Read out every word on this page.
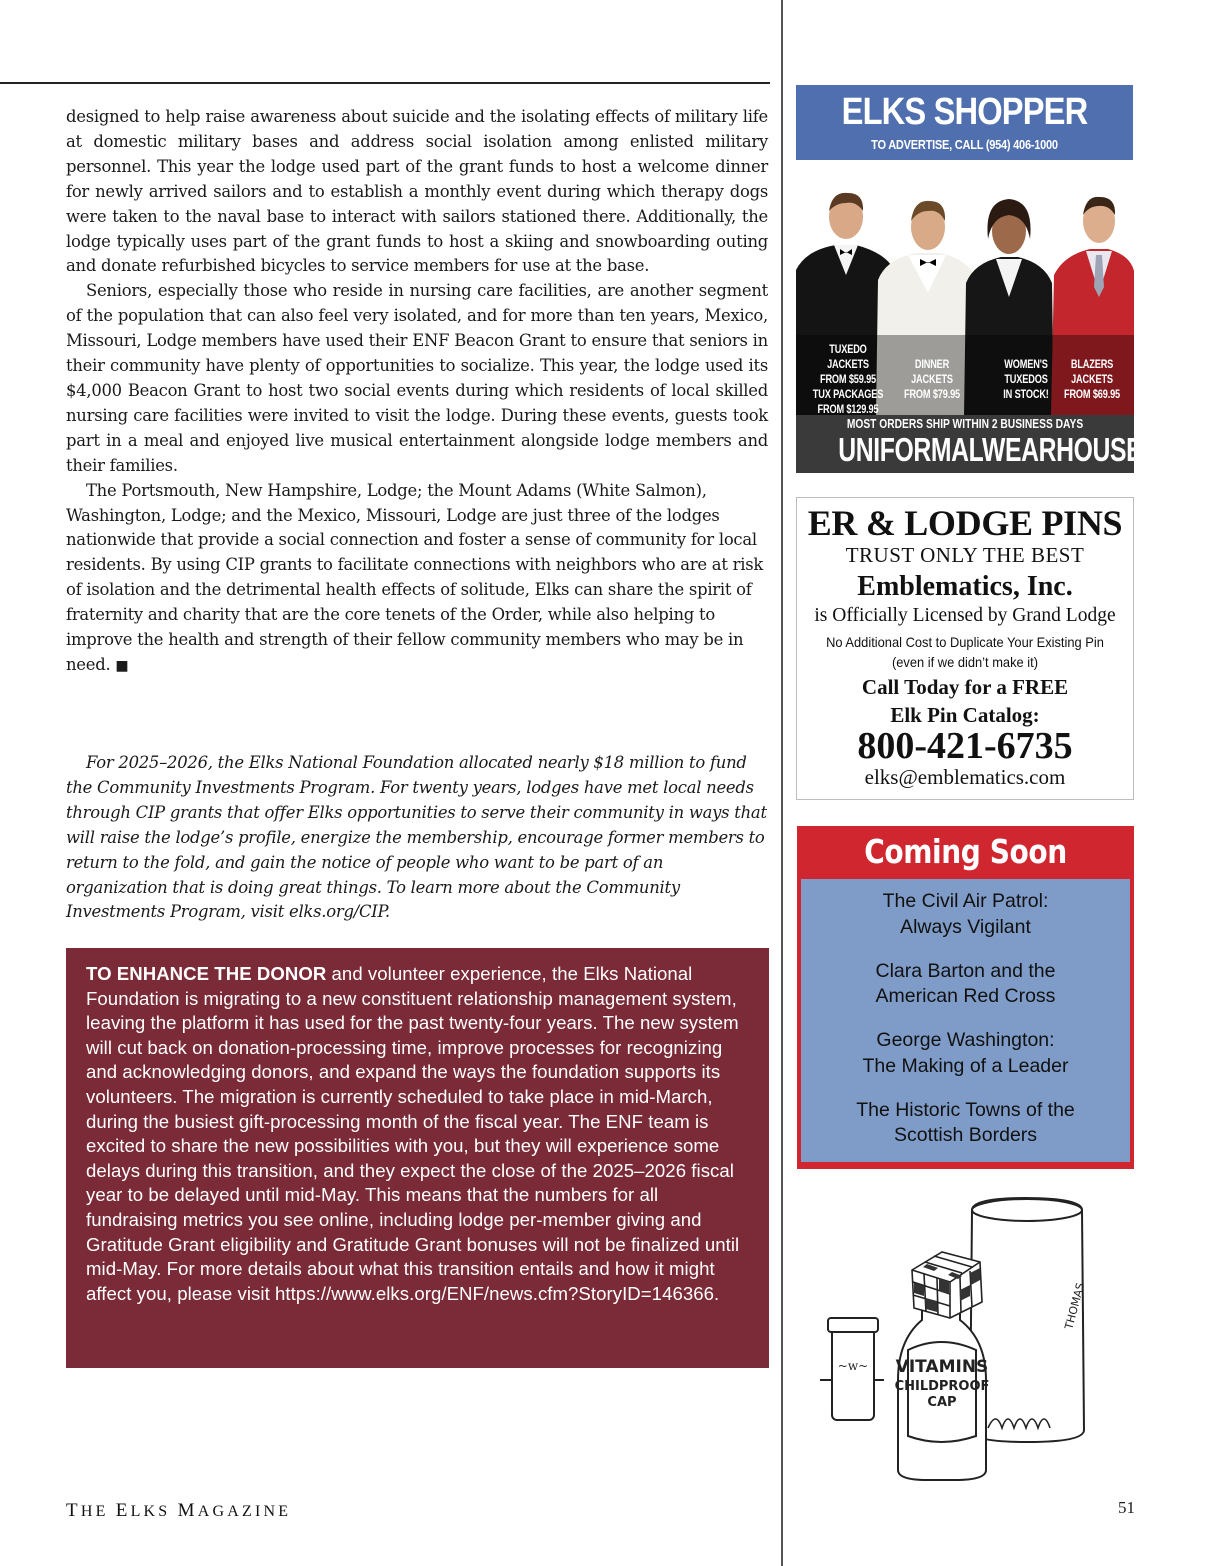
designed to help raise awareness about suicide and the isolating effects of military life at domestic military bases and address social isolation among enlisted military personnel. This year the lodge used part of the grant funds to host a welcome dinner for newly arrived sailors and to establish a monthly event during which therapy dogs were taken to the naval base to interact with sailors stationed there. Additionally, the lodge typically uses part of the grant funds to host a skiing and snowboarding outing and donate refurbished bicycles to service members for use at the base.

Seniors, especially those who reside in nursing care facilities, are another segment of the population that can also feel very isolated, and for more than ten years, Mexico, Missouri, Lodge members have used their ENF Beacon Grant to ensure that seniors in their community have plenty of opportunities to socialize. This year, the lodge used its $4,000 Beacon Grant to host two social events during which residents of local skilled nursing care facilities were invited to visit the lodge. During these events, guests took part in a meal and enjoyed live musical entertainment alongside lodge members and their families.

The Portsmouth, New Hampshire, Lodge; the Mount Adams (White Salmon), Washington, Lodge; and the Mexico, Missouri, Lodge are just three of the lodges nationwide that provide a social connection and foster a sense of community for local residents. By using CIP grants to facilitate connections with neighbors who are at risk of isolation and the detrimental health effects of solitude, Elks can share the spirit of fraternity and charity that are the core tenets of the Order, while also helping to improve the health and strength of their fellow community members who may be in need. ■

For 2025–2026, the Elks National Foundation allocated nearly $18 million to fund the Community Investments Program. For twenty years, lodges have met local needs through CIP grants that offer Elks opportunities to serve their community in ways that will raise the lodge’s profile, energize the membership, encourage former members to return to the fold, and gain the notice of people who want to be part of an organization that is doing great things. To learn more about the Community Investments Program, visit elks.org/CIP.

TO ENHANCE THE DONOR and volunteer experience, the Elks National Foundation is migrating to a new constituent relationship management system, leaving the platform it has used for the past twenty-four years. The new system will cut back on donation-processing time, improve processes for recognizing and acknowledging donors, and expand the ways the foundation supports its volunteers. The migration is currently scheduled to take place in mid-March, during the busiest gift-processing month of the fiscal year. The ENF team is excited to share the new possibilities with you, but they will experience some delays during this transition, and they expect the close of the 2025–2026 fiscal year to be delayed until mid-May. This means that the numbers for all fundraising metrics you see online, including lodge per-member giving and Gratitude Grant eligibility and Gratitude Grant bonuses will not be finalized until mid-May. For more details about what this transition entails and how it might affect you, please visit https://www.elks.org/ENF/news.cfm?StoryID=146366.

THE ELKS MAGAZINE	51
ELKS SHOPPER
TO ADVERTISE, CALL (954) 406-1000
TUXEDO JACKETS
FROM $59.95
TUX PACKAGES
FROM $129.95
DINNER
JACKETS
FROM $79.95
WOMEN'S
TUXEDOS
IN STOCK!
BLAZERS
JACKETS
FROM $69.95
MOST ORDERS SHIP WITHIN 2 BUSINESS DAYS
UNIFORMALWEARHOUSE.COM
ER & LODGE PINS
TRUST ONLY THE BEST
Emblematics, Inc.
is Officially Licensed by Grand Lodge
No Additional Cost to Duplicate Your Existing Pin
(even if we didn’t make it)
Call Today for a FREE
Elk Pin Catalog:
800-421-6735
elks@emblematics.com
Coming Soon
The Civil Air Patrol:
Always Vigilant
Clara Barton and the
American Red Cross
George Washington:
The Making of a Leader
The Historic Towns of the
Scottish Borders
VITAMINS
CHILDPROOF
CAP
THOMAS
~w~
